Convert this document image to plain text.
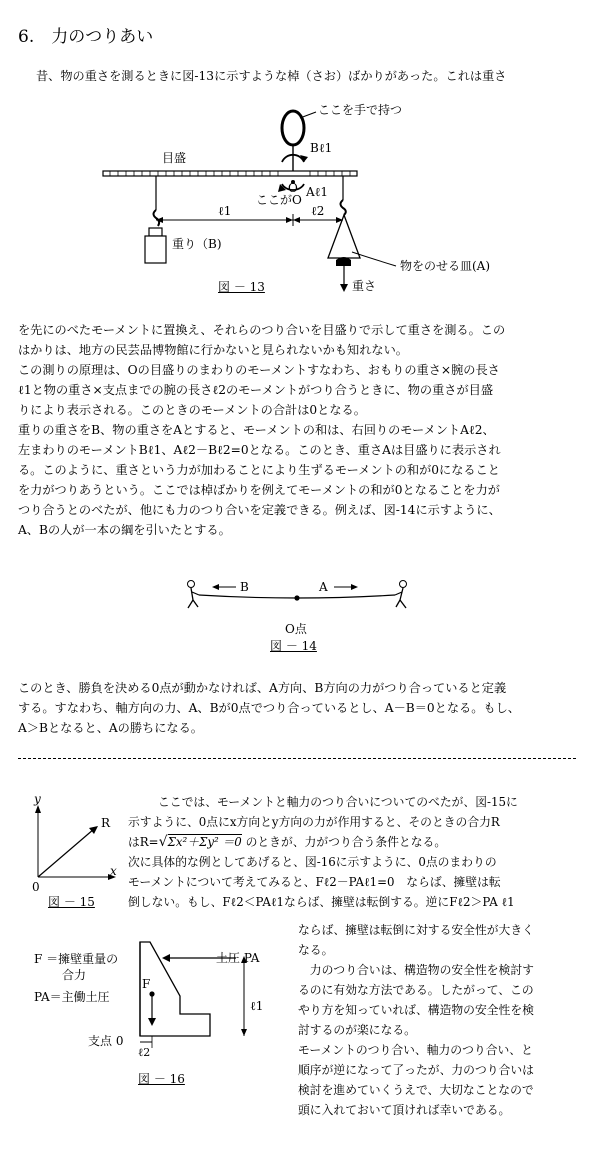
6.　力のつりあい
昔、物の重さを測るときに図-13に示すような棹（さお）ばかりがあった。これは重さ
ここを手で持つ
目盛
Bℓ1
Aℓ1
O
ここがO
ℓ1	ℓ2
重り（B)
物をのせる皿(A)
重さ
図 － 13
を先にのべたモーメントに置換え、それらのつり合いを目盛りで示して重さを測る。この
はかりは、地方の民芸品博物館に行かないと見られないかも知れない。
この測りの原理は、Oの目盛りのまわりのモーメントすなわち、おもりの重さ×腕の長さ
ℓ1と物の重さ×支点までの腕の長さℓ2のモーメントがつり合うときに、物の重さが目盛
りにより表示される。このときのモーメントの合計は0となる。
重りの重さをB、物の重さをAとすると、モーメントの和は、右回りのモーメントAℓ2、
左まわりのモーメントBℓ1、Aℓ2－Bℓ2=0となる。このとき、重さAは目盛りに表示され
る。このように、重さという力が加わることにより生ずるモーメントの和が0になること
を力がつりあうという。ここでは棹ばかりを例えてモーメントの和が0となることを力が
つり合うとのべたが、他にも力のつり合いを定義できる。例えば、図-14に示すように、
A、Bの人が一本の綱を引いたとする。
B	A
O点
図 － 14
このとき、勝負を決める0点が動かなければ、A方向、B方向の力がつり合っていると定義
する。すなわち、軸方向の力、A、Bが0点でつり合っているとし、A－B＝0となる。もし、
A＞Bとなると、Aの勝ちになる。
y
x
R
0
図 － 15
ここでは、モーメントと軸力のつり合いについてのべたが、図-15に
示すように、0点にx方向とy方向の力が作用すると、そのときの合力R
はR=√Σx²＋Σy² ＝0 のときが、力がつり合う条件となる。
次に具体的な例としてあげると、図-16に示すように、0点のまわりの
モーメントについて考えてみると、Fℓ2－PAℓ1=0　ならば、擁壁は転
倒しない。もし、Fℓ2＜PAℓ1ならば、擁壁は転倒する。逆にFℓ2＞PA ℓ1
F ＝擁壁重量の
合力
PA＝主働土圧
F
土圧 PA
ℓ1
ℓ2
支点 0
図 － 16
ならば、擁壁は転倒に対する安全性が大きく
なる。
　力のつり合いは、構造物の安全性を検討す
るのに有効な方法である。したがって、この
やり方を知っていれば、構造物の安全性を検
討するのが楽になる。
モーメントのつり合い、軸力のつり合い、と
順序が逆になって了ったが、力のつり合いは
検討を進めていくうえで、大切なことなので
頭に入れておいて頂ければ幸いである。
